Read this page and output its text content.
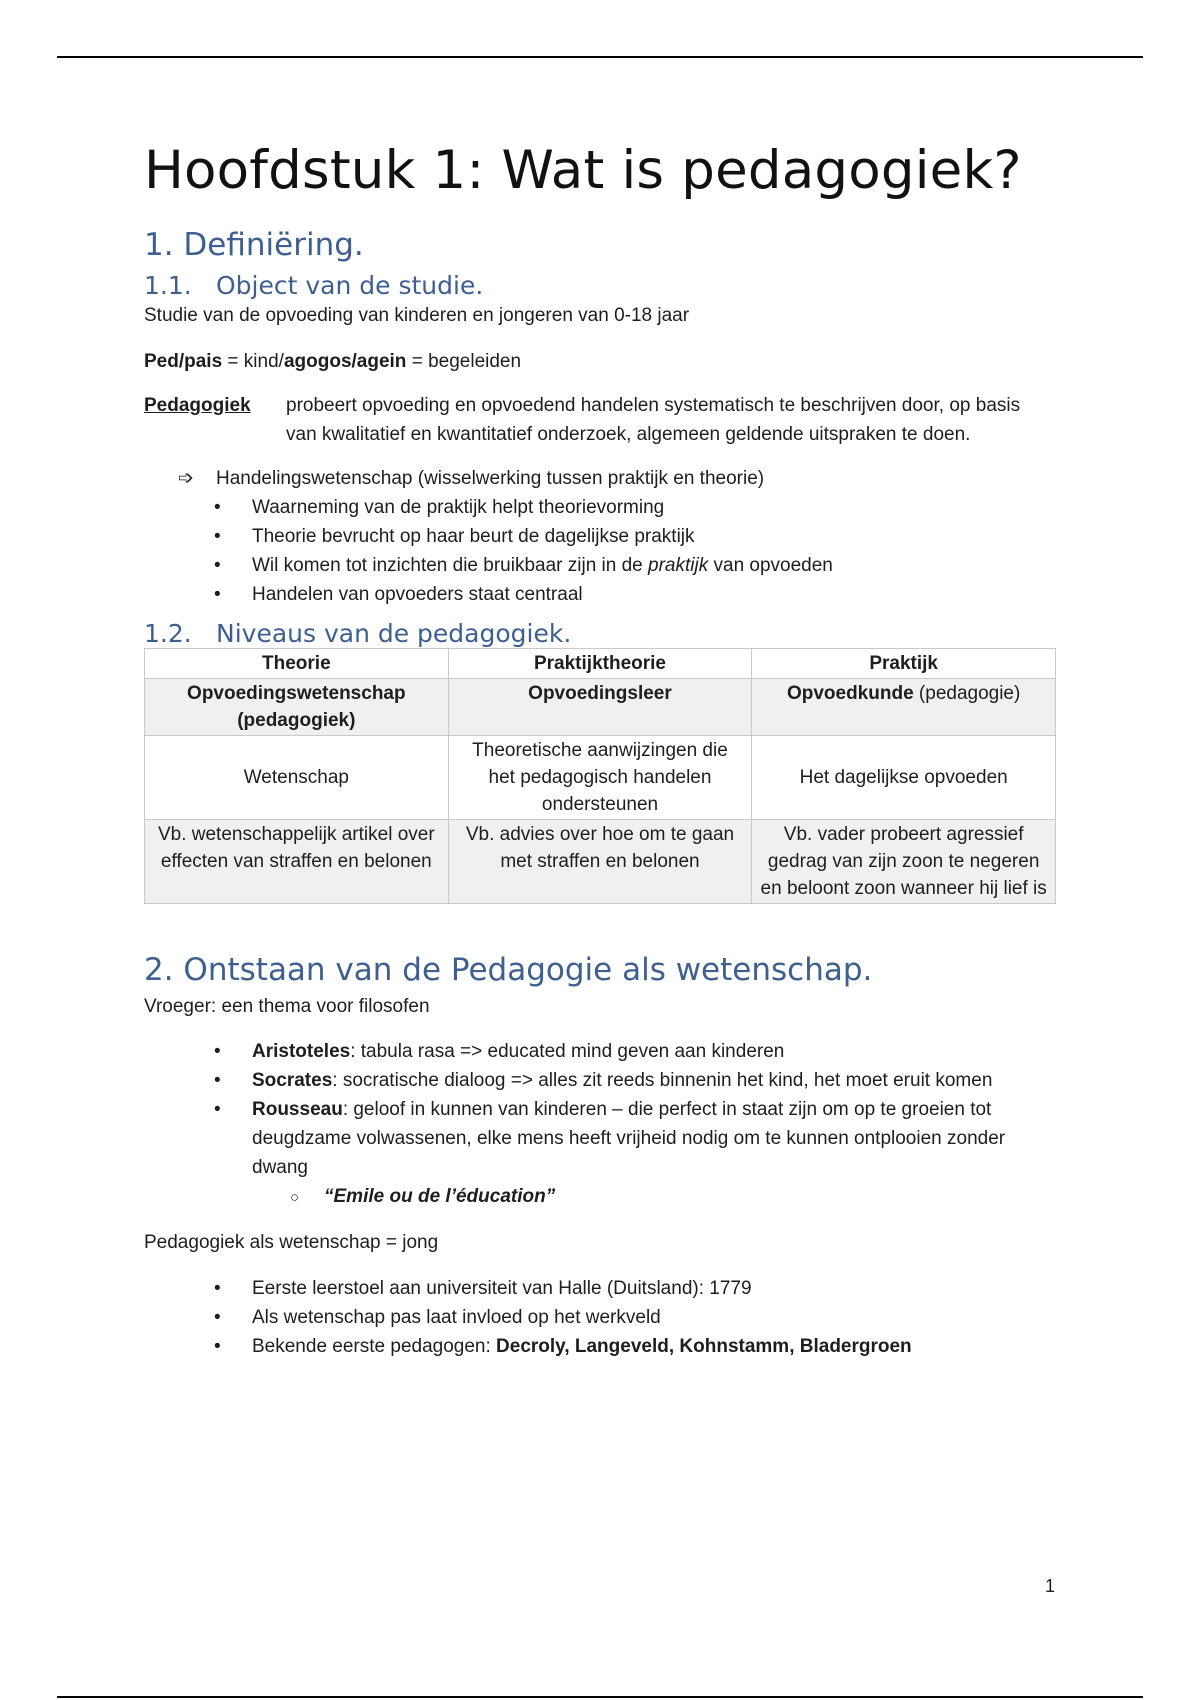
Hoofdstuk 1: Wat is pedagogiek?
1. Definiëring.
1.1. Object van de studie.

Studie van de opvoeding van kinderen en jongeren van 0-18 jaar

Ped/pais = kind/agogos/agein = begeleiden

Pedagogiek	probeert opvoeding en opvoedend handelen systematisch te beschrijven door, op basis van kwalitatief en kwantitatief onderzoek, algemeen geldende uitspraken te doen.
➩ Handelingswetenschap (wisselwerking tussen praktijk en theorie)
• Waarneming van de praktijk helpt theorievorming
• Theorie bevrucht op haar beurt de dagelijkse praktijk
• Wil komen tot inzichten die bruikbaar zijn in de praktijk van opvoeden
• Handelen van opvoeders staat centraal
1.2. Niveaus van de pedagogiek.
Theorie	Praktijktheorie	Praktijk
Opvoedingswetenschap (pedagogiek)	Opvoedingsleer	Opvoedkunde (pedagogie)
Wetenschap	Theoretische aanwijzingen die het pedagogisch handelen ondersteunen	Het dagelijkse opvoeden
Vb. wetenschappelijk artikel over effecten van straffen en belonen	Vb. advies over hoe om te gaan met straffen en belonen	Vb. vader probeert agressief gedrag van zijn zoon te negeren en beloont zoon wanneer hij lief is
2. Ontstaan van de Pedagogie als wetenschap.

Vroeger: een thema voor filosofen

• Aristoteles: tabula rasa => educated mind geven aan kinderen
• Socrates: socratische dialoog => alles zit reeds binnenin het kind, het moet eruit komen
• Rousseau: geloof in kunnen van kinderen – die perfect in staat zijn om op te groeien tot deugdzame volwassenen, elke mens heeft vrijheid nodig om te kunnen ontplooien zonder dwang
○ “Emile ou de l’éducation”

Pedagogiek als wetenschap = jong

• Eerste leerstoel aan universiteit van Halle (Duitsland): 1779
• Als wetenschap pas laat invloed op het werkveld
• Bekende eerste pedagogen: Decroly, Langeveld, Kohnstamm, Bladergroen
1
